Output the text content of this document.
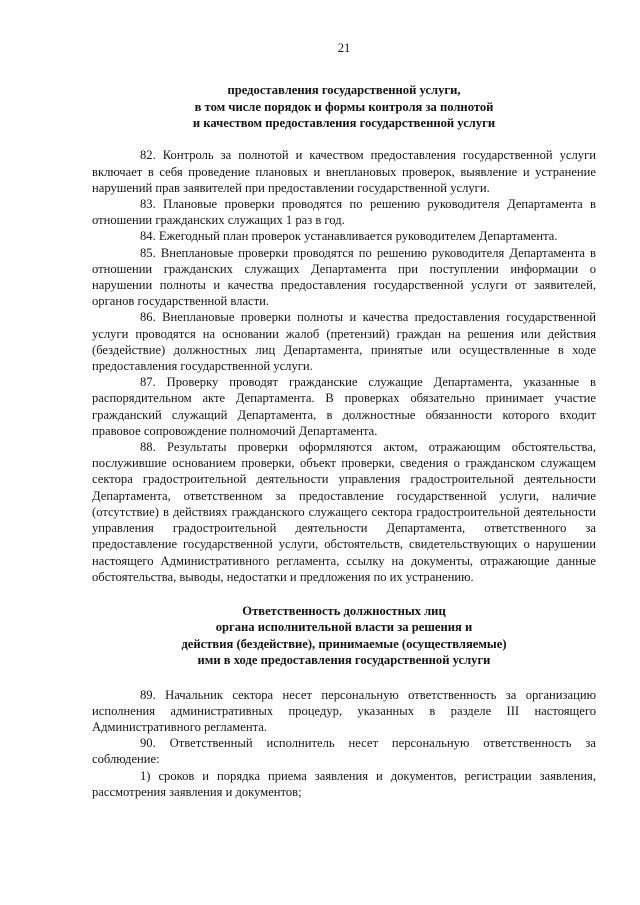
21
предоставления государственной услуги,
в том числе порядок и формы контроля за полнотой
и качеством предоставления государственной услуги

82. Контроль за полнотой и качеством предоставления государственной услуги включает в себя проведение плановых и внеплановых проверок, выявление и устранение нарушений прав заявителей при предоставлении государственной услуги.

83. Плановые проверки проводятся по решению руководителя Департамента в отношении гражданских служащих 1 раз в год.

84. Ежегодный план проверок устанавливается руководителем Департамента.

85. Внеплановые проверки проводятся по решению руководителя Департамента в отношении гражданских служащих Департамента при поступлении информации о нарушении полноты и качества предоставления государственной услуги от заявителей, органов государственной власти.

86. Внеплановые проверки полноты и качества предоставления государственной услуги проводятся на основании жалоб (претензий) граждан на решения или действия (бездействие) должностных лиц Департамента, принятые или осуществленные в ходе предоставления государственной услуги.

87. Проверку проводят гражданские служащие Департамента, указанные в распорядительном акте Департамента. В проверках обязательно принимает участие гражданский служащий Департамента, в должностные обязанности которого входит правовое сопровождение полномочий Департамента.

88. Результаты проверки оформляются актом, отражающим обстоятельства, послужившие основанием проверки, объект проверки, сведения о гражданском служащем сектора градостроительной деятельности управления градостроительной деятельности Департамента, ответственном за предоставление государственной услуги, наличие (отсутствие) в действиях гражданского служащего сектора градостроительной деятельности управления градостроительной деятельности Департамента, ответственного за предоставление государственной услуги, обстоятельств, свидетельствующих о нарушении настоящего Административного регламента, ссылку на документы, отражающие данные обстоятельства, выводы, недостатки и предложения по их устранению.

Ответственность должностных лиц
органа исполнительной власти за решения и
действия (бездействие), принимаемые (осуществляемые)
ими в ходе предоставления государственной услуги

89. Начальник сектора несет персональную ответственность за организацию исполнения административных процедур, указанных в разделе III настоящего Административного регламента.

90. Ответственный исполнитель несет персональную ответственность за соблюдение:

1) сроков и порядка приема заявления и документов, регистрации заявления, рассмотрения заявления и документов;
